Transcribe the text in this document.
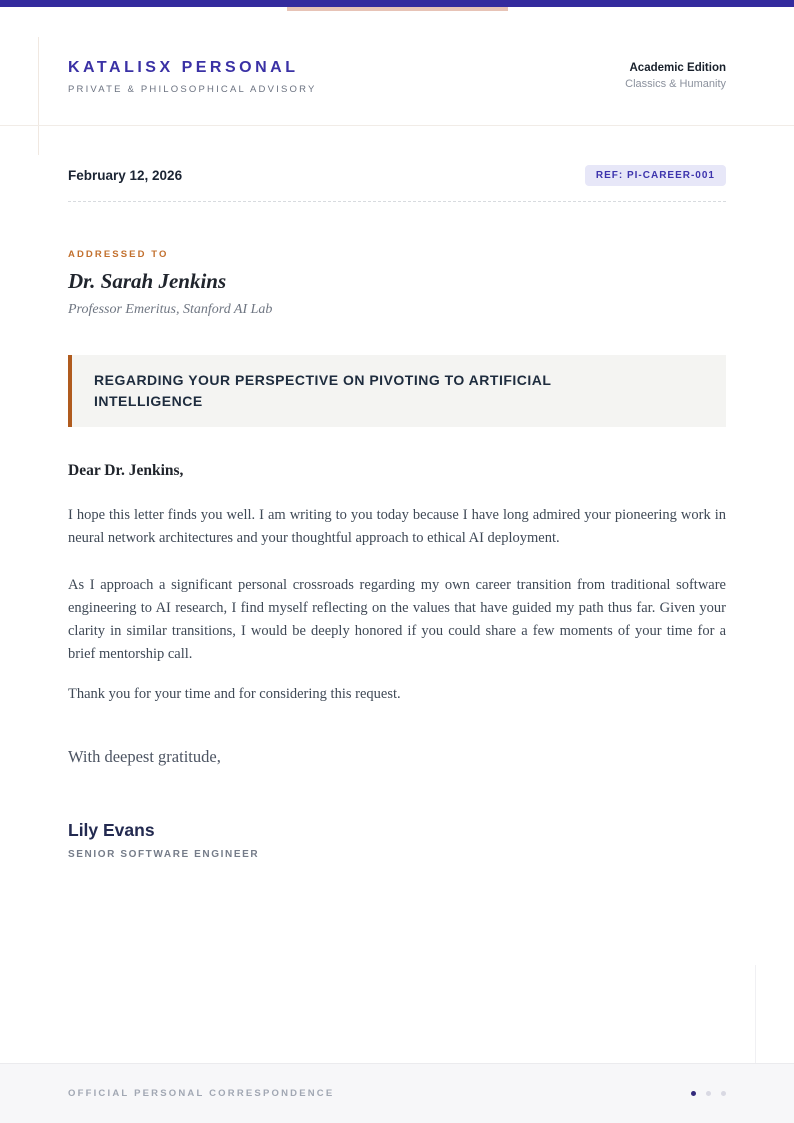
KATALISX PERSONAL
PRIVATE & PHILOSOPHICAL ADVISORY
Academic Edition
Classics & Humanity
February 12, 2026	REF: PI-CAREER-001
ADDRESSED TO
Dr. Sarah Jenkins
Professor Emeritus, Stanford AI Lab
REGARDING YOUR PERSPECTIVE ON PIVOTING TO ARTIFICIAL INTELLIGENCE
Dear Dr. Jenkins,

I hope this letter finds you well. I am writing to you today because I have long admired your pioneering work in neural network architectures and your thoughtful approach to ethical AI deployment.

As I approach a significant personal crossroads regarding my own career transition from traditional software engineering to AI research, I find myself reflecting on the values that have guided my path thus far. Given your clarity in similar transitions, I would be deeply honored if you could share a few moments of your time for a brief mentorship call.

Thank you for your time and for considering this request.

With deepest gratitude,
Lily Evans
SENIOR SOFTWARE ENGINEER
OFFICIAL PERSONAL CORRESPONDENCE
